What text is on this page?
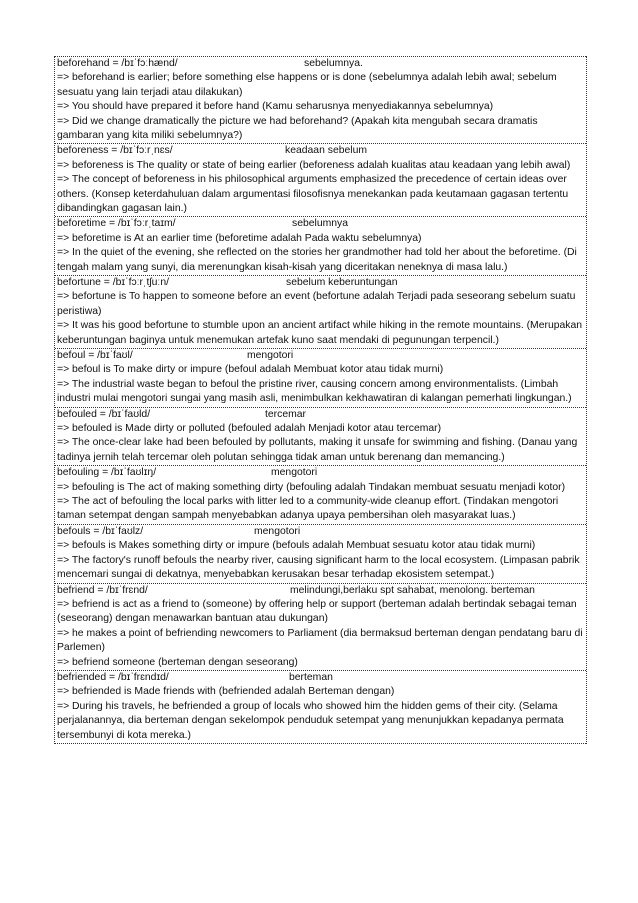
beforehand = /bɪˈfɔːhænd/	sebelumnya.
=> beforehand is earlier; before something else happens or is done (sebelumnya adalah lebih awal; sebelum sesuatu yang lain terjadi atau dilakukan)
=> You should have prepared it before hand (Kamu seharusnya menyediakannya sebelumnya)
=> Did we change dramatically the picture we had beforehand? (Apakah kita mengubah secara dramatis gambaran yang kita miliki sebelumnya?)
beforeness = /bɪˈfɔːrˌnɛs/	keadaan sebelum
=> beforeness is The quality or state of being earlier (beforeness adalah kualitas atau keadaan yang lebih awal)
=> The concept of beforeness in his philosophical arguments emphasized the precedence of certain ideas over others. (Konsep keterdahuluan dalam argumentasi filosofisnya menekankan pada keutamaan gagasan tertentu dibandingkan gagasan lain.)
beforetime = /bɪˈfɔːrˌtaɪm/	sebelumnya
=> beforetime is At an earlier time (beforetime adalah Pada waktu sebelumnya)
=> In the quiet of the evening, she reflected on the stories her grandmother had told her about the beforetime. (Di tengah malam yang sunyi, dia merenungkan kisah-kisah yang diceritakan neneknya di masa lalu.)
befortune = /bɪˈfɔːrˌtʃuːn/	sebelum keberuntungan
=> befortune is To happen to someone before an event (befortune adalah Terjadi pada seseorang sebelum suatu peristiwa)
=> It was his good befortune to stumble upon an ancient artifact while hiking in the remote mountains. (Merupakan keberuntungan baginya untuk menemukan artefak kuno saat mendaki di pegunungan terpencil.)
befoul = /bɪˈfaʊl/	mengotori
=> befoul is To make dirty or impure (befoul adalah Membuat kotor atau tidak murni)
=> The industrial waste began to befoul the pristine river, causing concern among environmentalists. (Limbah industri mulai mengotori sungai yang masih asli, menimbulkan kekhawatiran di kalangan pemerhati lingkungan.)
befouled = /bɪˈfaʊld/	tercemar
=> befouled is Made dirty or polluted (befouled adalah Menjadi kotor atau tercemar)
=> The once-clear lake had been befouled by pollutants, making it unsafe for swimming and fishing. (Danau yang tadinya jernih telah tercemar oleh polutan sehingga tidak aman untuk berenang dan memancing.)
befouling = /bɪˈfaʊlɪŋ/	mengotori
=> befouling is The act of making something dirty (befouling adalah Tindakan membuat sesuatu menjadi kotor)
=> The act of befouling the local parks with litter led to a community-wide cleanup effort. (Tindakan mengotori taman setempat dengan sampah menyebabkan adanya upaya pembersihan oleh masyarakat luas.)
befouls = /bɪˈfaʊlz/	mengotori
=> befouls is Makes something dirty or impure (befouls adalah Membuat sesuatu kotor atau tidak murni)
=> The factory's runoff befouls the nearby river, causing significant harm to the local ecosystem. (Limpasan pabrik mencemari sungai di dekatnya, menyebabkan kerusakan besar terhadap ekosistem setempat.)
befriend = /bɪˈfrɛnd/	melindungi,berlaku spt sahabat, menolong. berteman
=> befriend is act as a friend to (someone) by offering help or support (berteman adalah bertindak sebagai teman (seseorang) dengan menawarkan bantuan atau dukungan)
=> he makes a point of befriending newcomers to Parliament (dia bermaksud berteman dengan pendatang baru di Parlemen)
=> befriend someone (berteman dengan seseorang)
befriended = /bɪˈfrɛndɪd/	berteman
=> befriended is Made friends with (befriended adalah Berteman dengan)
=> During his travels, he befriended a group of locals who showed him the hidden gems of their city. (Selama perjalanannya, dia berteman dengan sekelompok penduduk setempat yang menunjukkan kepadanya permata tersembunyi di kota mereka.)
